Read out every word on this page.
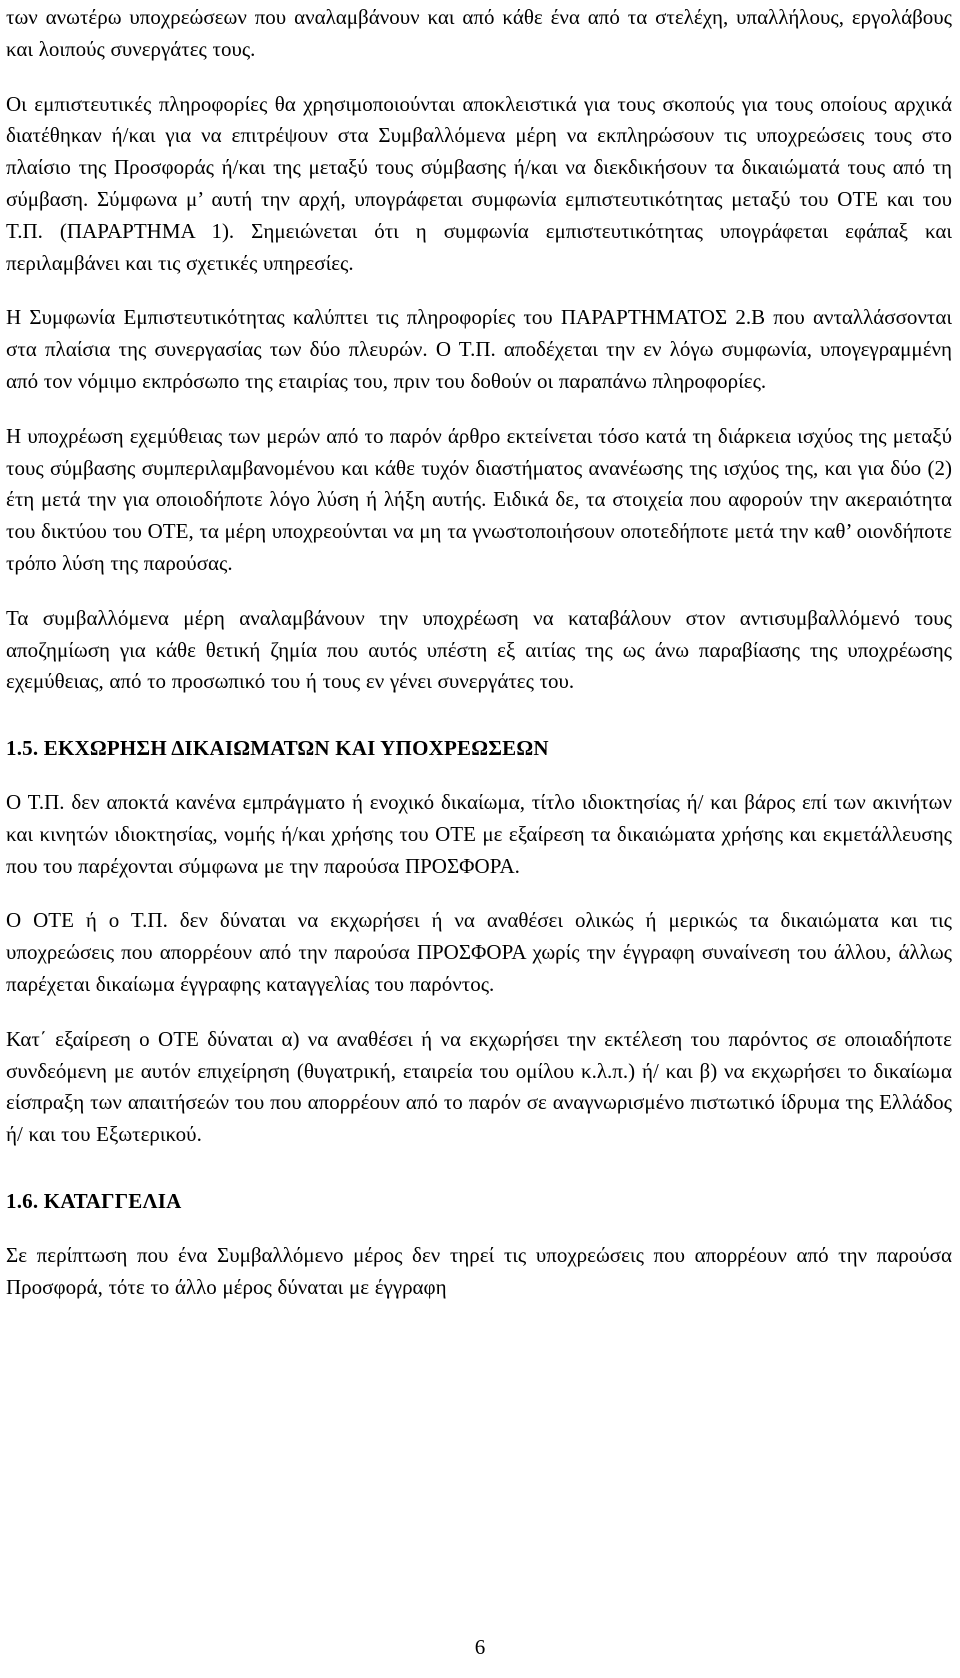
των ανωτέρω υποχρεώσεων που αναλαμβάνουν και από κάθε ένα από τα στελέχη, υπαλλήλους, εργολάβους και λοιπούς συνεργάτες τους.

Οι εμπιστευτικές πληροφορίες θα χρησιμοποιούνται αποκλειστικά για τους σκοπούς για τους οποίους αρχικά διατέθηκαν ή/και για να επιτρέψουν στα Συμβαλλόμενα μέρη να εκπληρώσουν τις υποχρεώσεις τους στο πλαίσιο της Προσφοράς ή/και της μεταξύ τους σύμβασης ή/και να διεκδικήσουν τα δικαιώματά τους από τη σύμβαση. Σύμφωνα μ’ αυτή την αρχή, υπογράφεται συμφωνία εμπιστευτικότητας μεταξύ του ΟΤΕ και του Τ.Π. (ΠΑΡΑΡΤΗΜΑ 1). Σημειώνεται ότι η συμφωνία εμπιστευτικότητας υπογράφεται εφάπαξ και περιλαμβάνει και τις σχετικές υπηρεσίες.

Η Συμφωνία Εμπιστευτικότητας καλύπτει τις πληροφορίες του ΠΑΡΑΡΤΗΜΑΤΟΣ 2.Β που ανταλλάσσονται στα πλαίσια της συνεργασίας των δύο πλευρών. Ο Τ.Π. αποδέχεται την εν λόγω συμφωνία, υπογεγραμμένη από τον νόμιμο εκπρόσωπο της εταιρίας του, πριν του δοθούν οι παραπάνω πληροφορίες.

Η υποχρέωση εχεμύθειας των μερών από το παρόν άρθρο εκτείνεται τόσο κατά τη διάρκεια ισχύος της μεταξύ τους σύμβασης συμπεριλαμβανομένου και κάθε τυχόν διαστήματος ανανέωσης της ισχύος της, και για δύο (2) έτη μετά την για οποιοδήποτε λόγο λύση ή λήξη αυτής. Ειδικά δε, τα στοιχεία που αφορούν την ακεραιότητα του δικτύου του ΟΤΕ, τα μέρη υποχρεούνται να μη τα γνωστοποιήσουν οποτεδήποτε μετά την καθ’ οιονδήποτε τρόπο λύση της παρούσας.

Τα συμβαλλόμενα μέρη αναλαμβάνουν την υποχρέωση να καταβάλουν στον αντισυμβαλλόμενό τους αποζημίωση για κάθε θετική ζημία που αυτός υπέστη εξ αιτίας της ως άνω παραβίασης της υποχρέωσης εχεμύθειας, από το προσωπικό του ή τους εν γένει συνεργάτες του.

1.5. ΕΚΧΩΡΗΣΗ ΔΙΚΑΙΩΜΑΤΩΝ ΚΑΙ ΥΠΟΧΡΕΩΣΕΩΝ

Ο Τ.Π. δεν αποκτά κανένα εμπράγματο ή ενοχικό δικαίωμα, τίτλο ιδιοκτησίας ή/ και βάρος επί των ακινήτων και κινητών ιδιοκτησίας, νομής ή/και χρήσης του ΟΤΕ με εξαίρεση τα δικαιώματα χρήσης και εκμετάλλευσης που του παρέχονται σύμφωνα με την παρούσα ΠΡΟΣΦΟΡΑ.

Ο ΟΤΕ ή ο Τ.Π. δεν δύναται να εκχωρήσει ή να αναθέσει ολικώς ή μερικώς τα δικαιώματα και τις υποχρεώσεις που απορρέουν από την παρούσα ΠΡΟΣΦΟΡΑ χωρίς την έγγραφη συναίνεση του άλλου, άλλως παρέχεται δικαίωμα έγγραφης καταγγελίας του παρόντος.

Κατ΄ εξαίρεση ο ΟΤΕ δύναται α) να αναθέσει ή να εκχωρήσει την εκτέλεση του παρόντος σε οποιαδήποτε συνδεόμενη με αυτόν επιχείρηση (θυγατρική, εταιρεία του ομίλου κ.λ.π.) ή/ και β) να εκχωρήσει το δικαίωμα είσπραξη των απαιτήσεών του που απορρέουν από το παρόν σε αναγνωρισμένο πιστωτικό ίδρυμα της Ελλάδος ή/ και του Εξωτερικού.

1.6. ΚΑΤΑΓΓΕΛΙΑ

Σε περίπτωση που ένα Συμβαλλόμενο μέρος δεν τηρεί τις υποχρεώσεις που απορρέουν από την παρούσα Προσφορά, τότε το άλλο μέρος δύναται με έγγραφη

6
